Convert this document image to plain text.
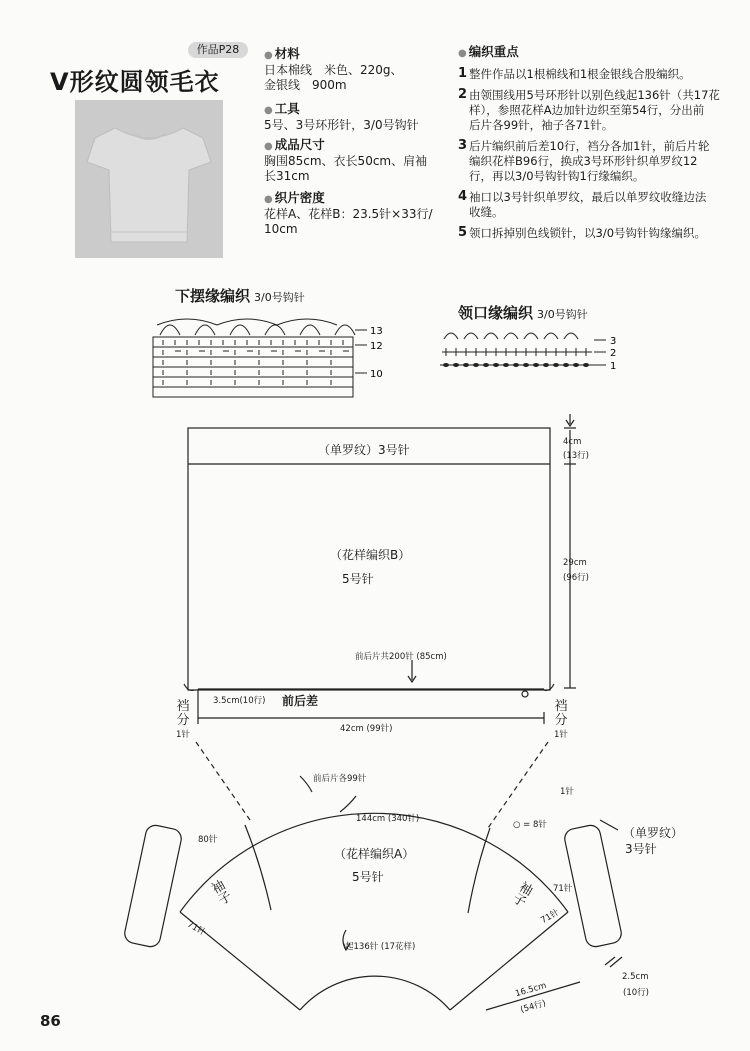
作品P28
V形纹圆领毛衣
● 材料
日本棉线　米色、220g、
金银线　900m
● 工具
5号、3号环形针，3/0号钩针
● 成品尺寸
胸围85cm、衣长50cm、肩袖
长31cm
● 织片密度
花样A、花样B：23.5针×33行/
10cm
● 编织重点
1 整件作品以1根棉线和1根金银线合股编织。
2 由领围线用5号环形针以别色线起136针（共17花
样），参照花样A边加针边织至第54行，分出前
后片各99针，袖子各71针。
3 后片编织前后差10行，裆分各加1针，前后片轮
编织花样B96行，换成3号环形针织单罗纹12
行，再以3/0号钩针钩1行缘编织。
4 袖口以3号针织单罗纹，最后以单罗纹收缝边法
收缝。
5 领口拆掉别色线锁针，以3/0号钩针钩缘编织。
下摆缘编织 3/0号钩针
13
12
10
领口缘编织 3/0号钩针
3
2
1
（单罗纹）3号针
4cm
(13行)
（花样编织B）
5号针
29cm
(96行)
前后片共200针 (85cm)
3.5cm(10行) 前后差
42cm (99针)
裆
分
1针
裆
分
1针
前后片各99针
144cm (340针)
（花样编织A）
5号针
袖子
71针
袖子
71针
起136针 (17花样)
16.5cm
(54行)
80针
○ = 8针
1针
71针
（单罗纹）
3号针
2.5cm
(10行)
86
